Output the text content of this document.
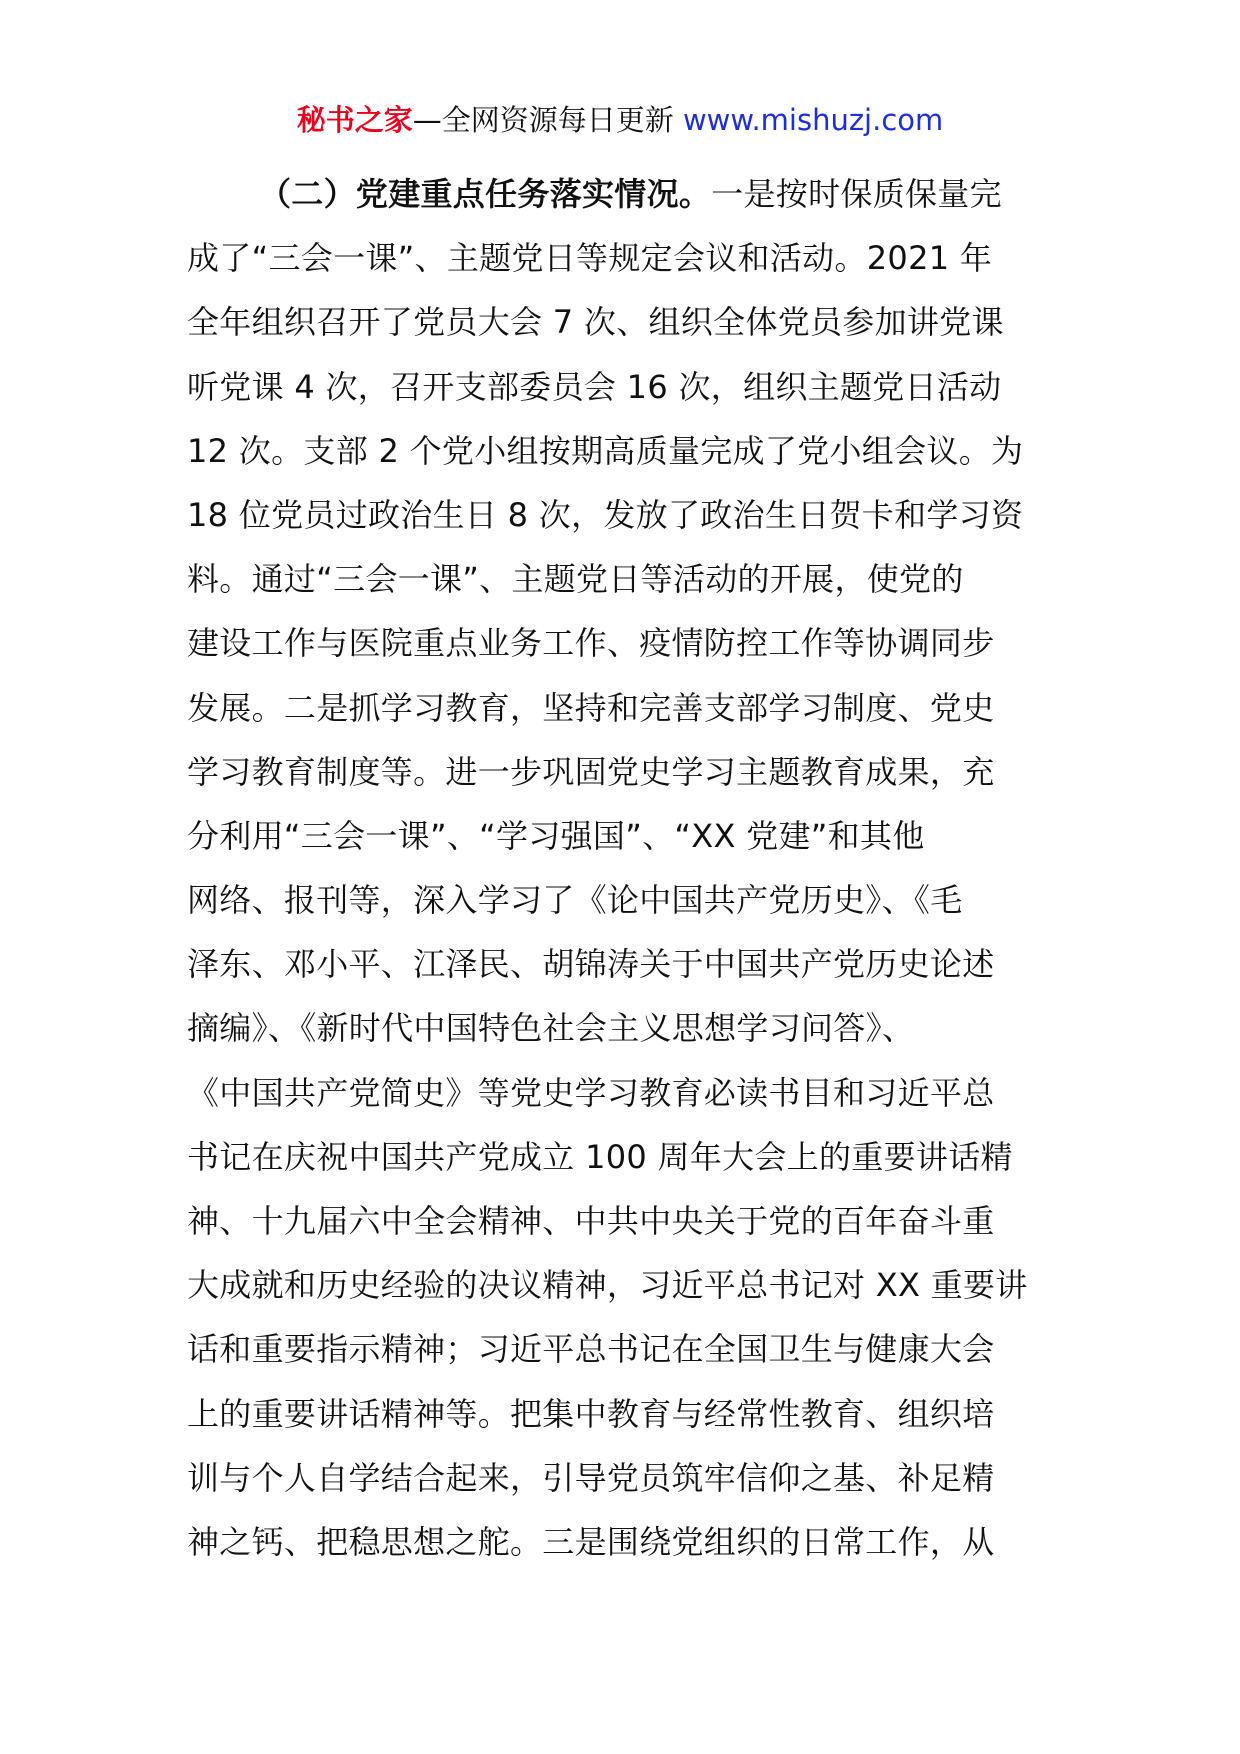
秘书之家—全网资源每日更新 www.mishuzj.com
（二）党建重点任务落实情况。一是按时保质保量完
成了“三会一课”、主题党日等规定会议和活动。2021 年
全年组织召开了党员大会 7 次、组织全体党员参加讲党课
听党课 4 次，召开支部委员会 16 次，组织主题党日活动
12 次。支部 2 个党小组按期高质量完成了党小组会议。为
18 位党员过政治生日 8 次，发放了政治生日贺卡和学习资
料。通过“三会一课”、主题党日等活动的开展，使党的
建设工作与医院重点业务工作、疫情防控工作等协调同步
发展。二是抓学习教育，坚持和完善支部学习制度、党史
学习教育制度等。进一步巩固党史学习主题教育成果，充
分利用“三会一课”、“学习强国”、“XX 党建”和其他
网络、报刊等，深入学习了《论中国共产党历史》、《毛
泽东、邓小平、江泽民、胡锦涛关于中国共产党历史论述
摘编》、《新时代中国特色社会主义思想学习问答》、
《中国共产党简史》等党史学习教育必读书目和习近平总
书记在庆祝中国共产党成立 100 周年大会上的重要讲话精
神、十九届六中全会精神、中共中央关于党的百年奋斗重
大成就和历史经验的决议精神，习近平总书记对 XX 重要讲
话和重要指示精神；习近平总书记在全国卫生与健康大会
上的重要讲话精神等。把集中教育与经常性教育、组织培
训与个人自学结合起来，引导党员筑牢信仰之基、补足精
神之钙、把稳思想之舵。三是围绕党组织的日常工作，从
